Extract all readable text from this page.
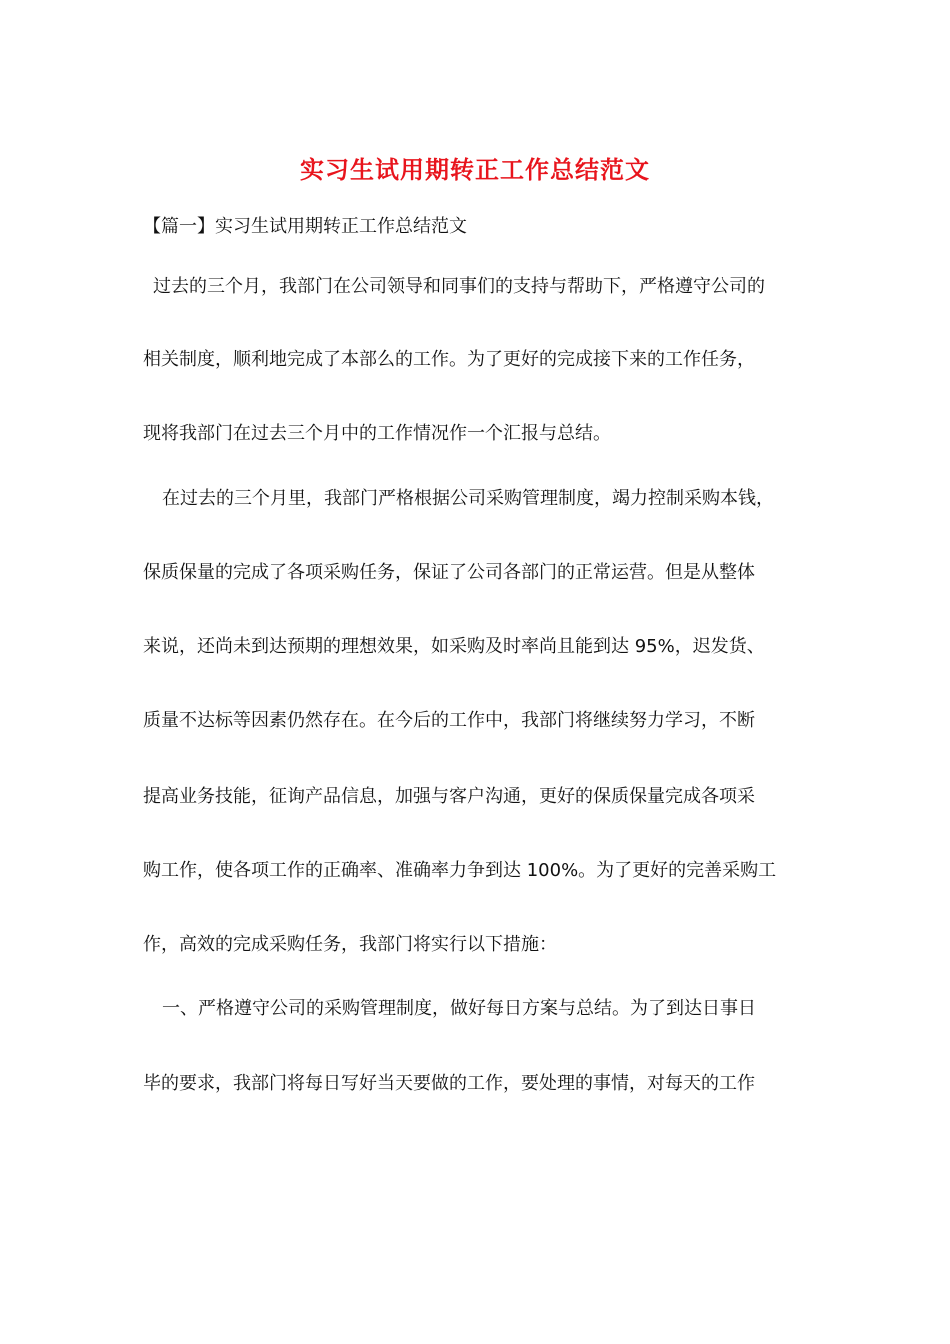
实习生试用期转正工作总结范文
【篇一】实习生试用期转正工作总结范文
过去的三个月，我部门在公司领导和同事们的支持与帮助下，严格遵守公司的
相关制度，顺利地完成了本部么的工作。为了更好的完成接下来的工作任务，
现将我部门在过去三个月中的工作情况作一个汇报与总结。
在过去的三个月里，我部门严格根据公司采购管理制度，竭力控制采购本钱，
保质保量的完成了各项采购任务，保证了公司各部门的正常运营。但是从整体
来说，还尚未到达预期的理想效果，如采购及时率尚且能到达 95%，迟发货、
质量不达标等因素仍然存在。在今后的工作中，我部门将继续努力学习，不断
提高业务技能，征询产品信息，加强与客户沟通，更好的保质保量完成各项采
购工作，使各项工作的正确率、准确率力争到达 100%。为了更好的完善采购工
作，高效的完成采购任务，我部门将实行以下措施：
一、严格遵守公司的采购管理制度，做好每日方案与总结。为了到达日事日
毕的要求，我部门将每日写好当天要做的工作，要处理的事情，对每天的工作
